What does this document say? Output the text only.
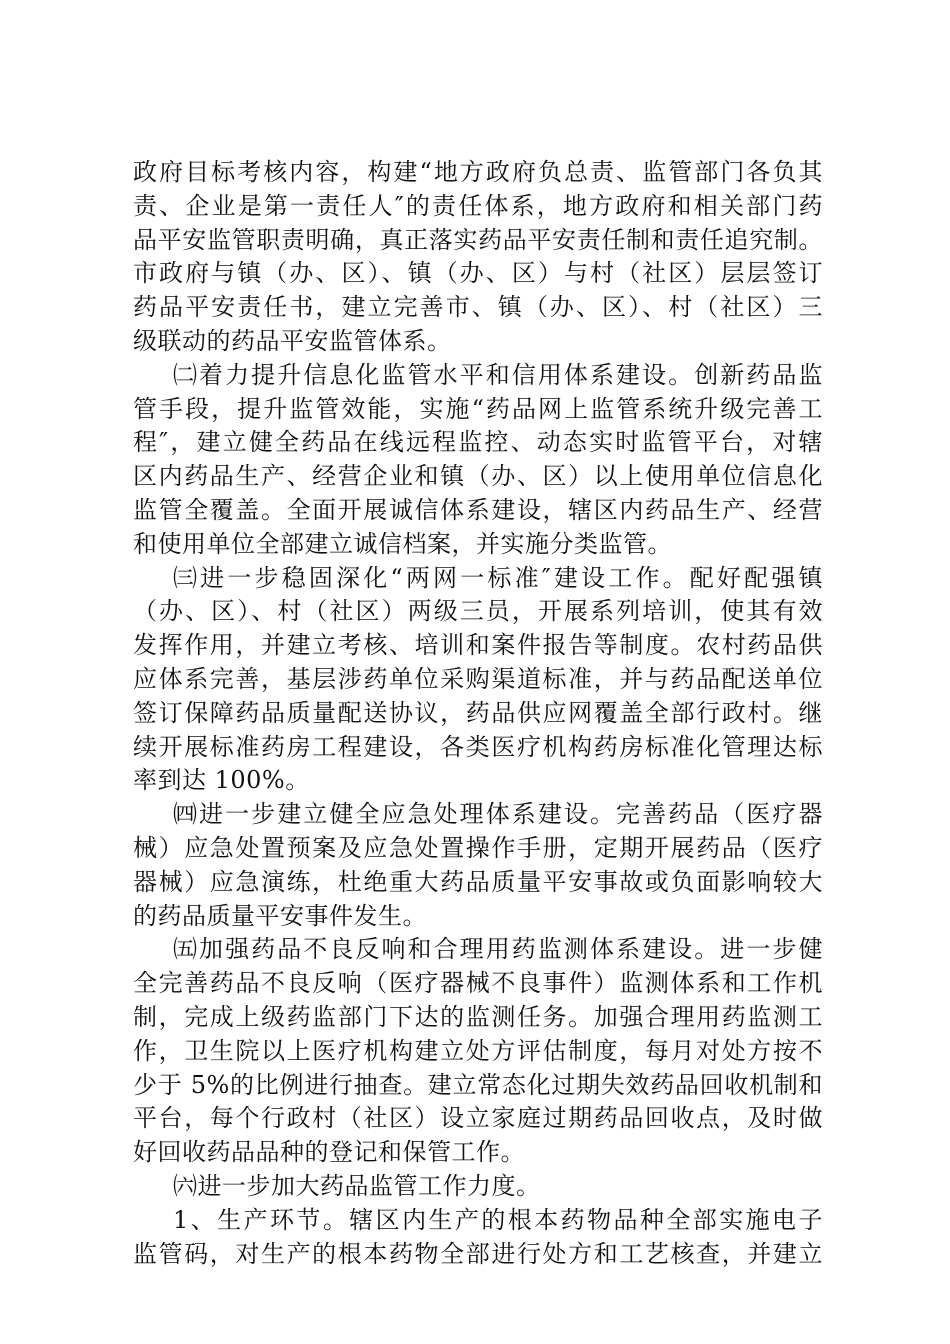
政府目标考核内容，构建“地方政府负总责、监管部门各负其
责、企业是第一责任人″的责任体系，地方政府和相关部门药
品平安监管职责明确，真正落实药品平安责任制和责任追究制。
市政府与镇（办、区）、镇（办、区）与村（社区）层层签订
药品平安责任书，建立完善市、镇（办、区）、村（社区）三
级联动的药品平安监管体系。
㈡着力提升信息化监管水平和信用体系建设。创新药品监
管手段，提升监管效能，实施“药品网上监管系统升级完善工
程″，建立健全药品在线远程监控、动态实时监管平台，对辖
区内药品生产、经营企业和镇（办、区）以上使用单位信息化
监管全覆盖。全面开展诚信体系建设，辖区内药品生产、经营
和使用单位全部建立诚信档案，并实施分类监管。
㈢进一步稳固深化“两网一标准″建设工作。配好配强镇
（办、区）、村（社区）两级三员，开展系列培训，使其有效
发挥作用，并建立考核、培训和案件报告等制度。农村药品供
应体系完善，基层涉药单位采购渠道标准，并与药品配送单位
签订保障药品质量配送协议，药品供应网覆盖全部行政村。继
续开展标准药房工程建设，各类医疗机构药房标准化管理达标
率到达 100%。
㈣进一步建立健全应急处理体系建设。完善药品（医疗器
械）应急处置预案及应急处置操作手册，定期开展药品（医疗
器械）应急演练，杜绝重大药品质量平安事故或负面影响较大
的药品质量平安事件发生。
㈤加强药品不良反响和合理用药监测体系建设。进一步健
全完善药品不良反响（医疗器械不良事件）监测体系和工作机
制，完成上级药监部门下达的监测任务。加强合理用药监测工
作，卫生院以上医疗机构建立处方评估制度，每月对处方按不
少于 5%的比例进行抽查。建立常态化过期失效药品回收机制和
平台，每个行政村（社区）设立家庭过期药品回收点，及时做
好回收药品品种的登记和保管工作。
㈥进一步加大药品监管工作力度。
1、生产环节。辖区内生产的根本药物品种全部实施电子
监管码，对生产的根本药物全部进行处方和工艺核查，并建立
